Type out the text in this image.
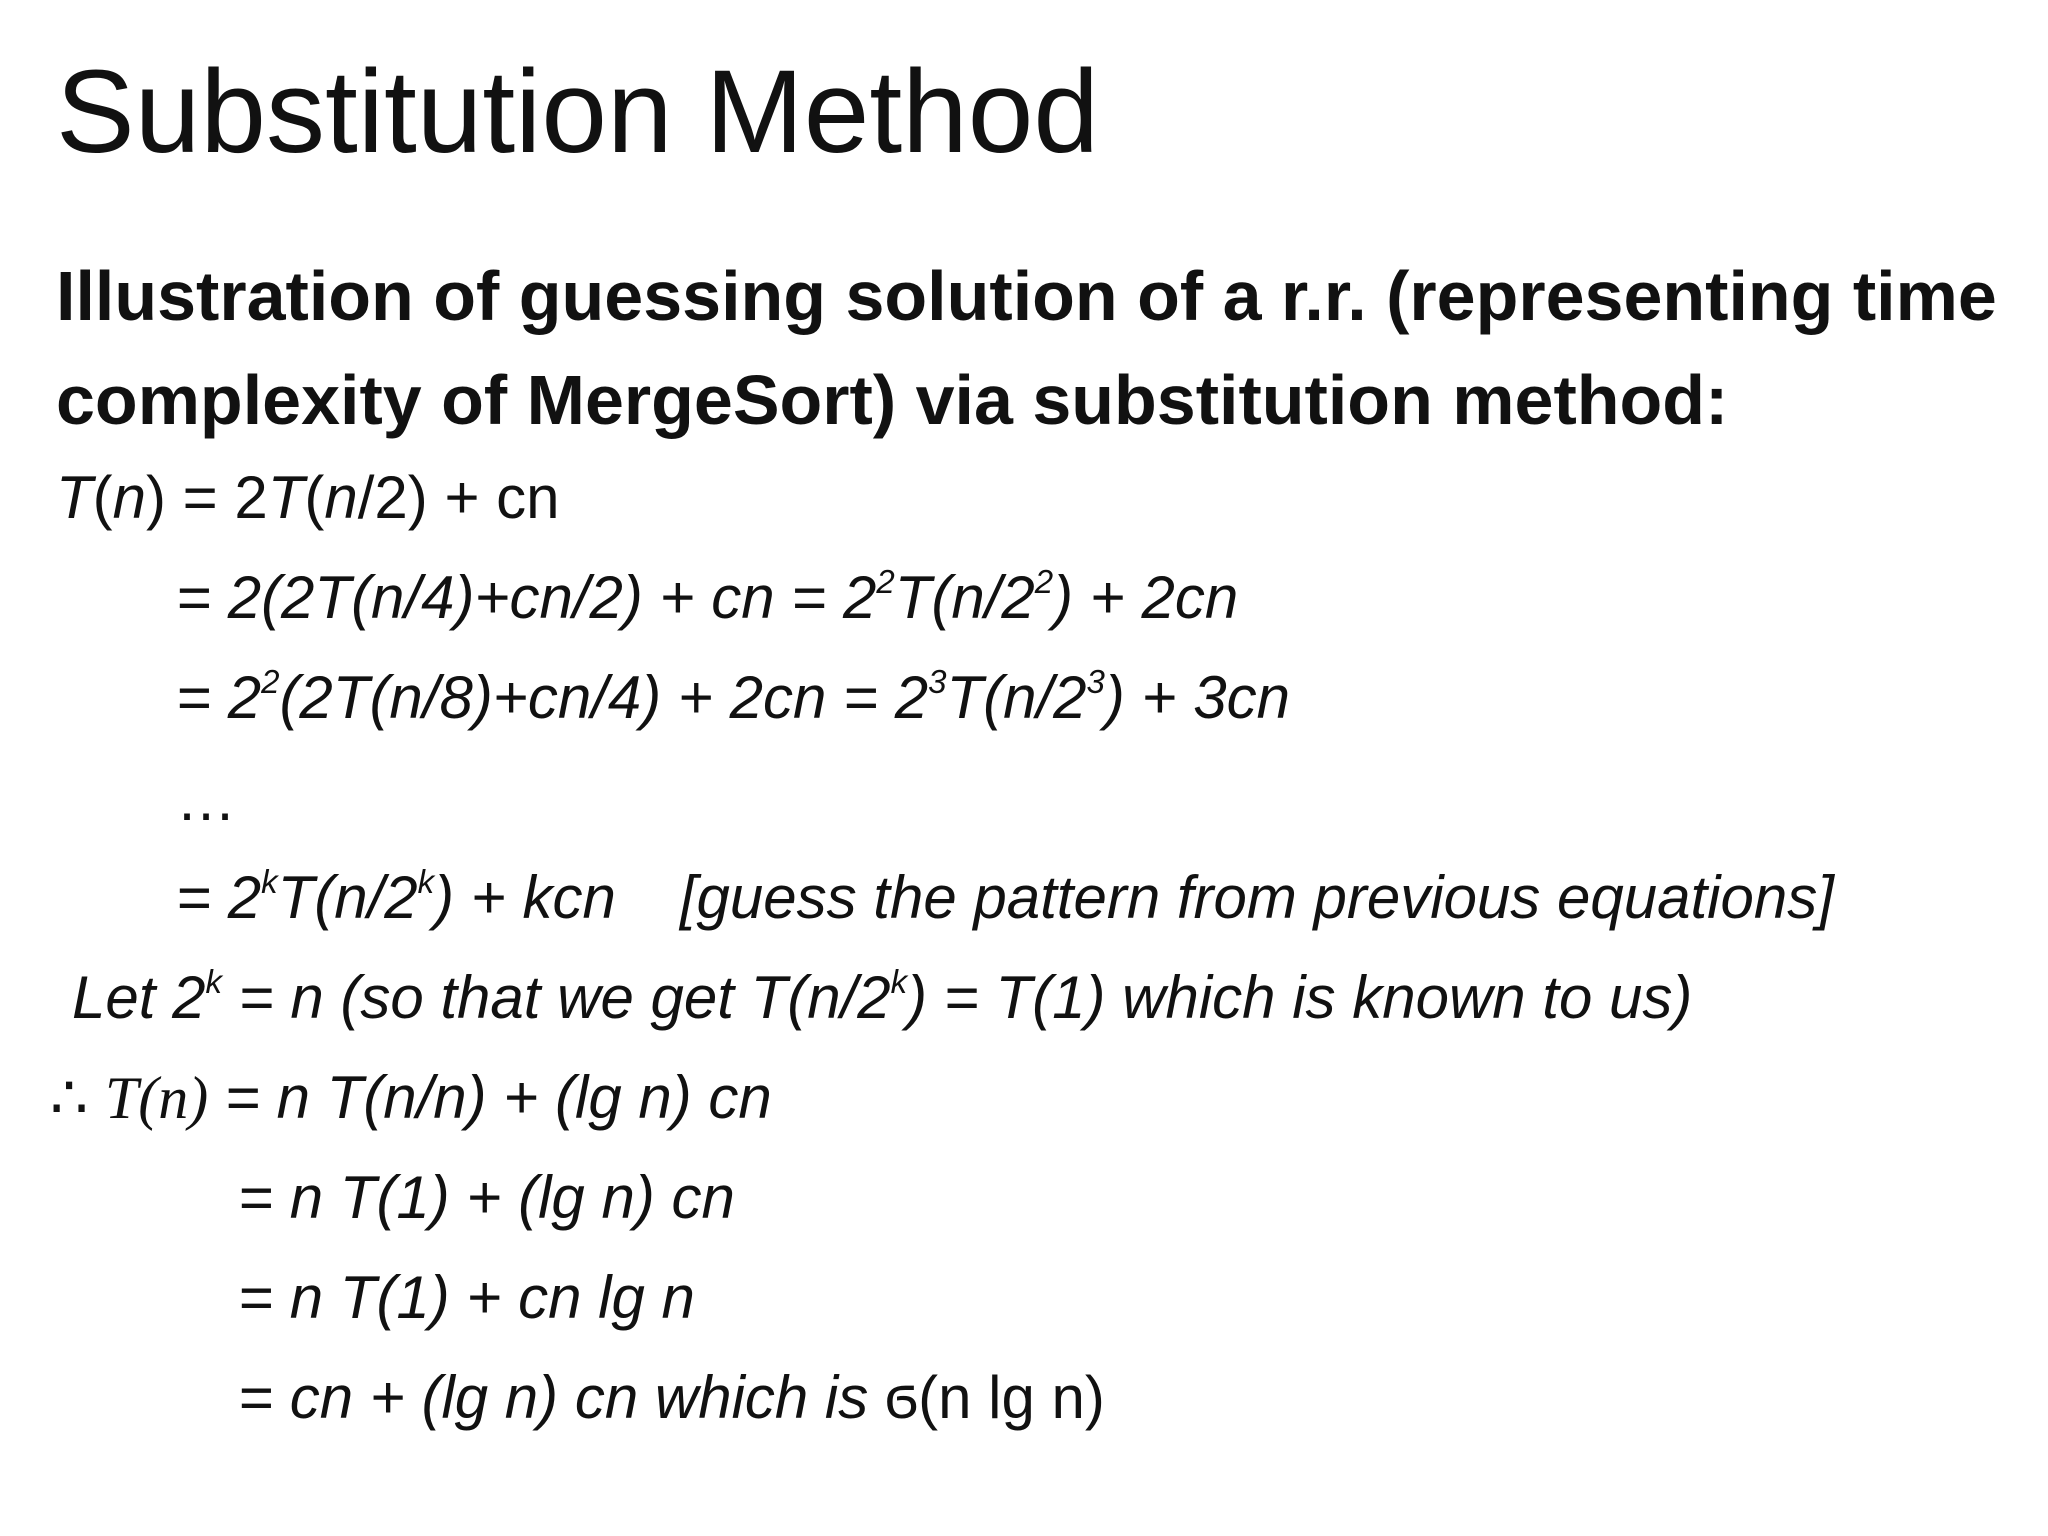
Substitution Method

Illustration of guessing solution of a r.r. (representing time complexity of MergeSort) via substitution method:

T(n) = 2T(n/2) + cn
= 2(2T(n/4)+cn/2) + cn = $2^2T(n/2^2) + 2cn$
= $2^2(2T(n/8)+cn/4) + 2cn = 2^3T(n/2^3) + 3cn$
…
= $2^kT(n/2^k)$ + kcn [guess the pattern from previous equations]
Let $2^k = n$ (so that we get $T(n/2^k) = T(1)$ which is known to us)
∴ T(n) = n T(n/n) + (lg n) cn
= n T(1) + (lg n) cn
= n T(1) + cn lg n
= cn + (lg n) cn which is ϭ(n lg n)
